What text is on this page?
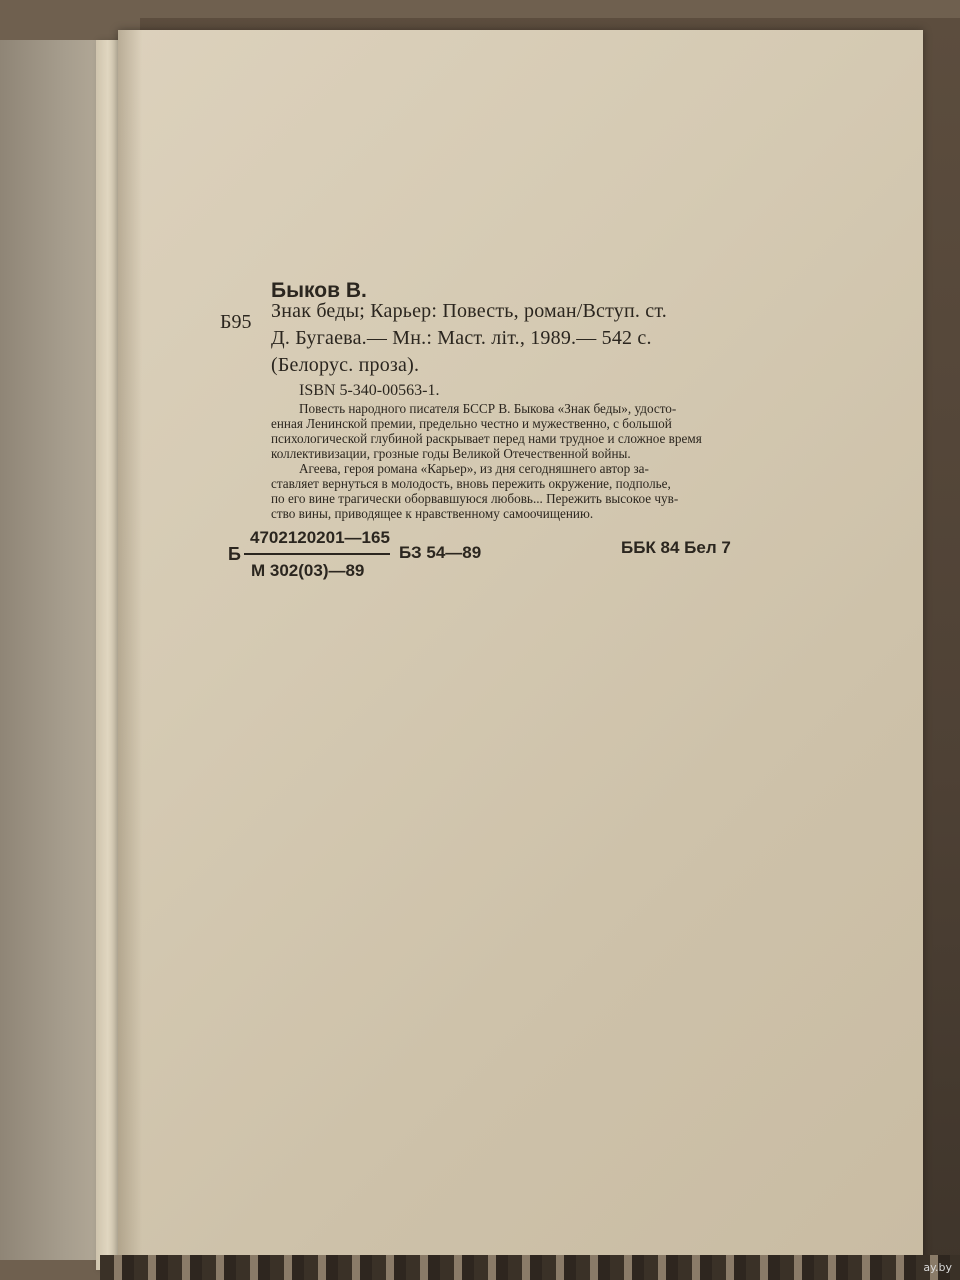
Быков В.
Б95 Знак беды; Карьер: Повесть, роман/Вступ. ст.
Д. Бугаева.— Мн.: Маст. літ., 1989.— 542 с.
(Белорус. проза).
ISBN 5-340-00563-1.
Повесть народного писателя БССР В. Быкова «Знак беды», удосто-
енная Ленинской премии, предельно честно и мужественно, с большой
психологической глубиной раскрывает перед нами трудное и сложное время
коллективизации, грозные годы Великой Отечественной войны.
Агеева, героя романа «Карьер», из дня сегодняшнего автор за-
ставляет вернуться в молодость, вновь пережить окружение, подполье,
по его вине трагически оборвавшуюся любовь... Пережить высокое чув-
ство вины, приводящее к нравственному самоочищению.
Б
4702120201—165
М 302(03)—89
БЗ 54—89	ББК 84 Бел 7
ay.by
